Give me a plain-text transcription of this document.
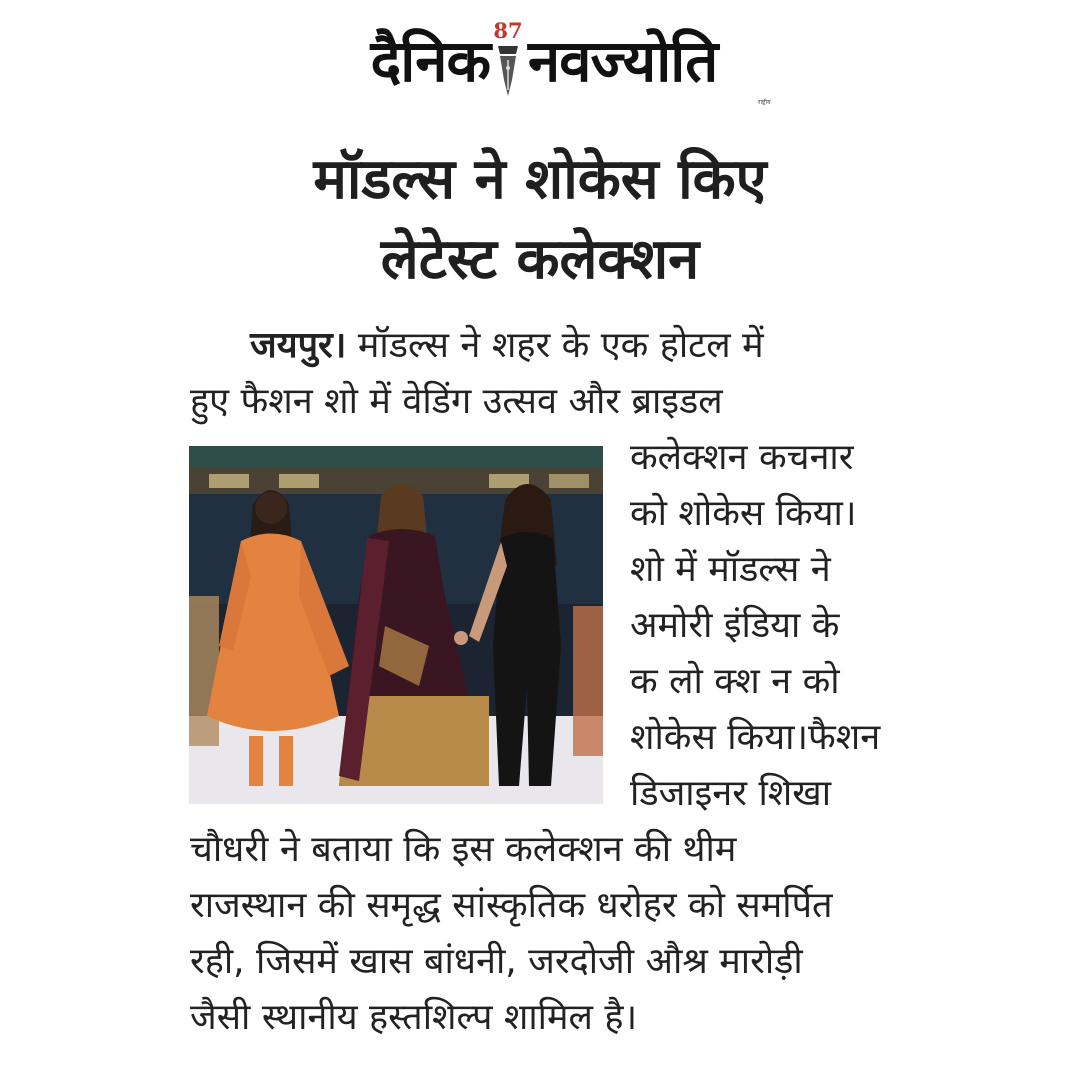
दैनिक 87 नवज्योति
राष्ट्रीय
मॉडल्स ने शोकेस किए
लेटेस्ट कलेक्शन
जयपुर। मॉडल्स ने शहर के एक होटल में
हुए फैशन शो में वेडिंग उत्सव और ब्राइडल
कलेक्शन कचनार
को शोकेस किया।
शो में मॉडल्स ने
अमोरी इंडिया के
क लो क्श न को
शोकेस किया।फैशन
डिजाइनर शिखा
चौधरी ने बताया कि इस कलेक्शन की थीम
राजस्थान की समृद्ध सांस्कृतिक धरोहर को समर्पित
रही, जिसमें खास बांधनी, जरदोजी औश्र मारोड़ी
जैसी स्थानीय हस्तशिल्प शामिल है।
